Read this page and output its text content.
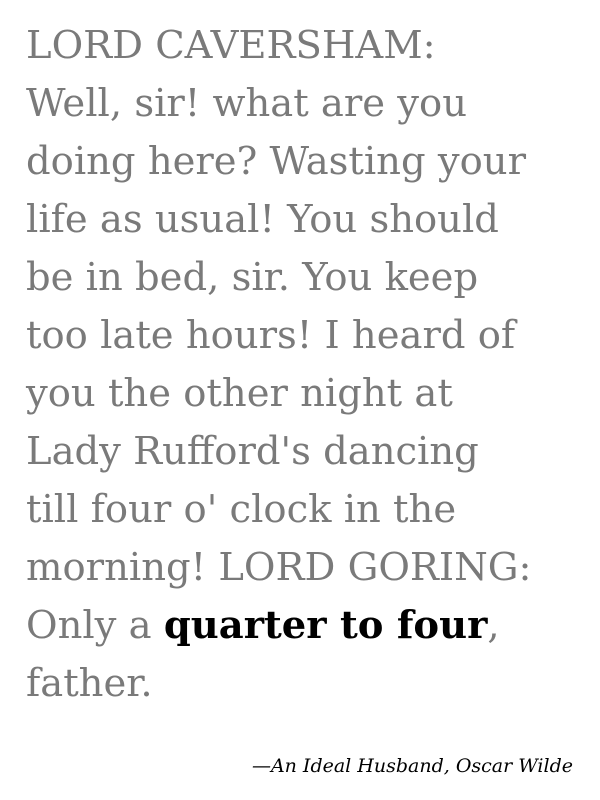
LORD CAVERSHAM:
Well, sir! what are you
doing here? Wasting your
life as usual! You should
be in bed, sir. You keep
too late hours! I heard of
you the other night at
Lady Rufford's dancing
till four o' clock in the
morning! LORD GORING:
Only a quarter to four,
father.

—An Ideal Husband, Oscar Wilde
